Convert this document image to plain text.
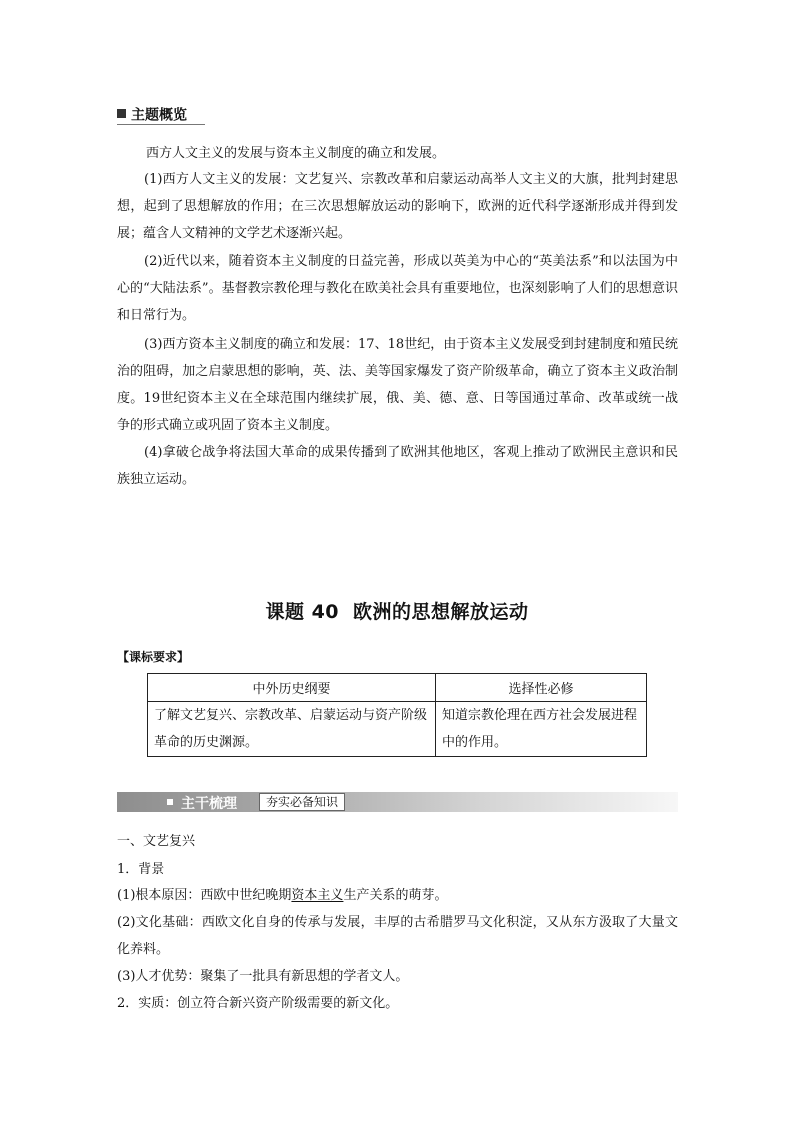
主题概览
西方人文主义的发展与资本主义制度的确立和发展。
(1)西方人文主义的发展：文艺复兴、宗教改革和启蒙运动高举人文主义的大旗，批判封建思想，起到了思想解放的作用；在三次思想解放运动的影响下，欧洲的近代科学逐渐形成并得到发展；蕴含人文精神的文学艺术逐渐兴起。
(2)近代以来，随着资本主义制度的日益完善，形成以英美为中心的“英美法系”和以法国为中心的“大陆法系”。基督教宗教伦理与教化在欧美社会具有重要地位，也深刻影响了人们的思想意识和日常行为。
(3)西方资本主义制度的确立和发展：17、18世纪，由于资本主义发展受到封建制度和殖民统治的阻碍，加之启蒙思想的影响，英、法、美等国家爆发了资产阶级革命，确立了资本主义政治制度。19世纪资本主义在全球范围内继续扩展，俄、美、德、意、日等国通过革命、改革或统一战争的形式确立或巩固了资本主义制度。
(4)拿破仑战争将法国大革命的成果传播到了欧洲其他地区，客观上推动了欧洲民主意识和民族独立运动。
课题 40 欧洲的思想解放运动
【课标要求】
中外历史纲要	选择性必修
了解文艺复兴、宗教改革、启蒙运动与资产阶级革命的历史渊源。	知道宗教伦理在西方社会发展进程中的作用。
主干梳理	夯实必备知识
一、文艺复兴
1．背景
(1)根本原因：西欧中世纪晚期资本主义生产关系的萌芽。
(2)文化基础：西欧文化自身的传承与发展，丰厚的古希腊罗马文化积淀，又从东方汲取了大量文化养料。
(3)人才优势：聚集了一批具有新思想的学者文人。
2．实质：创立符合新兴资产阶级需要的新文化。
